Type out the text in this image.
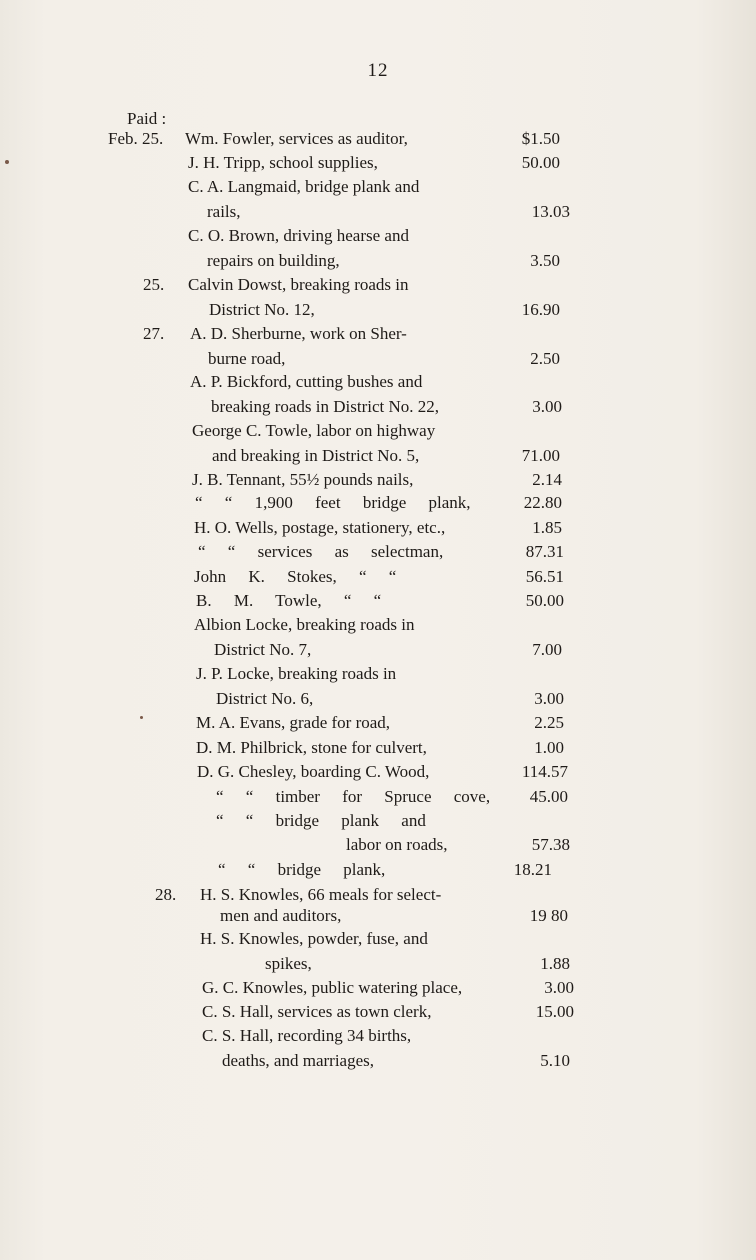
12
Paid :
Feb. 25. Wm. Fowler, services as auditor,	$1.50
J. H. Tripp, school supplies,	50.00
C. A. Langmaid, bridge plank and
rails,	13.03
C. O. Brown, driving hearse and
repairs on building,	3.50
25. Calvin Dowst, breaking roads in
District No. 12,	16.90
27. A. D. Sherburne, work on Sher-
burne road,	2.50
A. P. Bickford, cutting bushes and
breaking roads in District No. 22,	3.00
George C. Towle, labor on highway
and breaking in District No. 5,	71.00
J. B. Tennant, 55½ pounds nails,	2.14
“ “ 1,900 feet bridge plank,	22.80
H. O. Wells, postage, stationery, etc.,	1.85
“ “ services as selectman,	87.31
John K. Stokes, “ “	56.51
B. M. Towle, “ “	50.00
Albion Locke, breaking roads in
District No. 7,	7.00
J. P. Locke, breaking roads in
District No. 6,	3.00
M. A. Evans, grade for road,	2.25
D. M. Philbrick, stone for culvert,	1.00
D. G. Chesley, boarding C. Wood,	114.57
“ “ timber for Spruce cove,	45.00
“ “ bridge plank and
labor on roads,	57.38
“ “ bridge plank,	18.21
28. H. S. Knowles, 66 meals for select-
men and auditors,	19 80
H. S. Knowles, powder, fuse, and
spikes,	1.88
G. C. Knowles, public watering place,	3.00
C. S. Hall, services as town clerk,	15.00
C. S. Hall, recording 34 births,
deaths, and marriages,	5.10
